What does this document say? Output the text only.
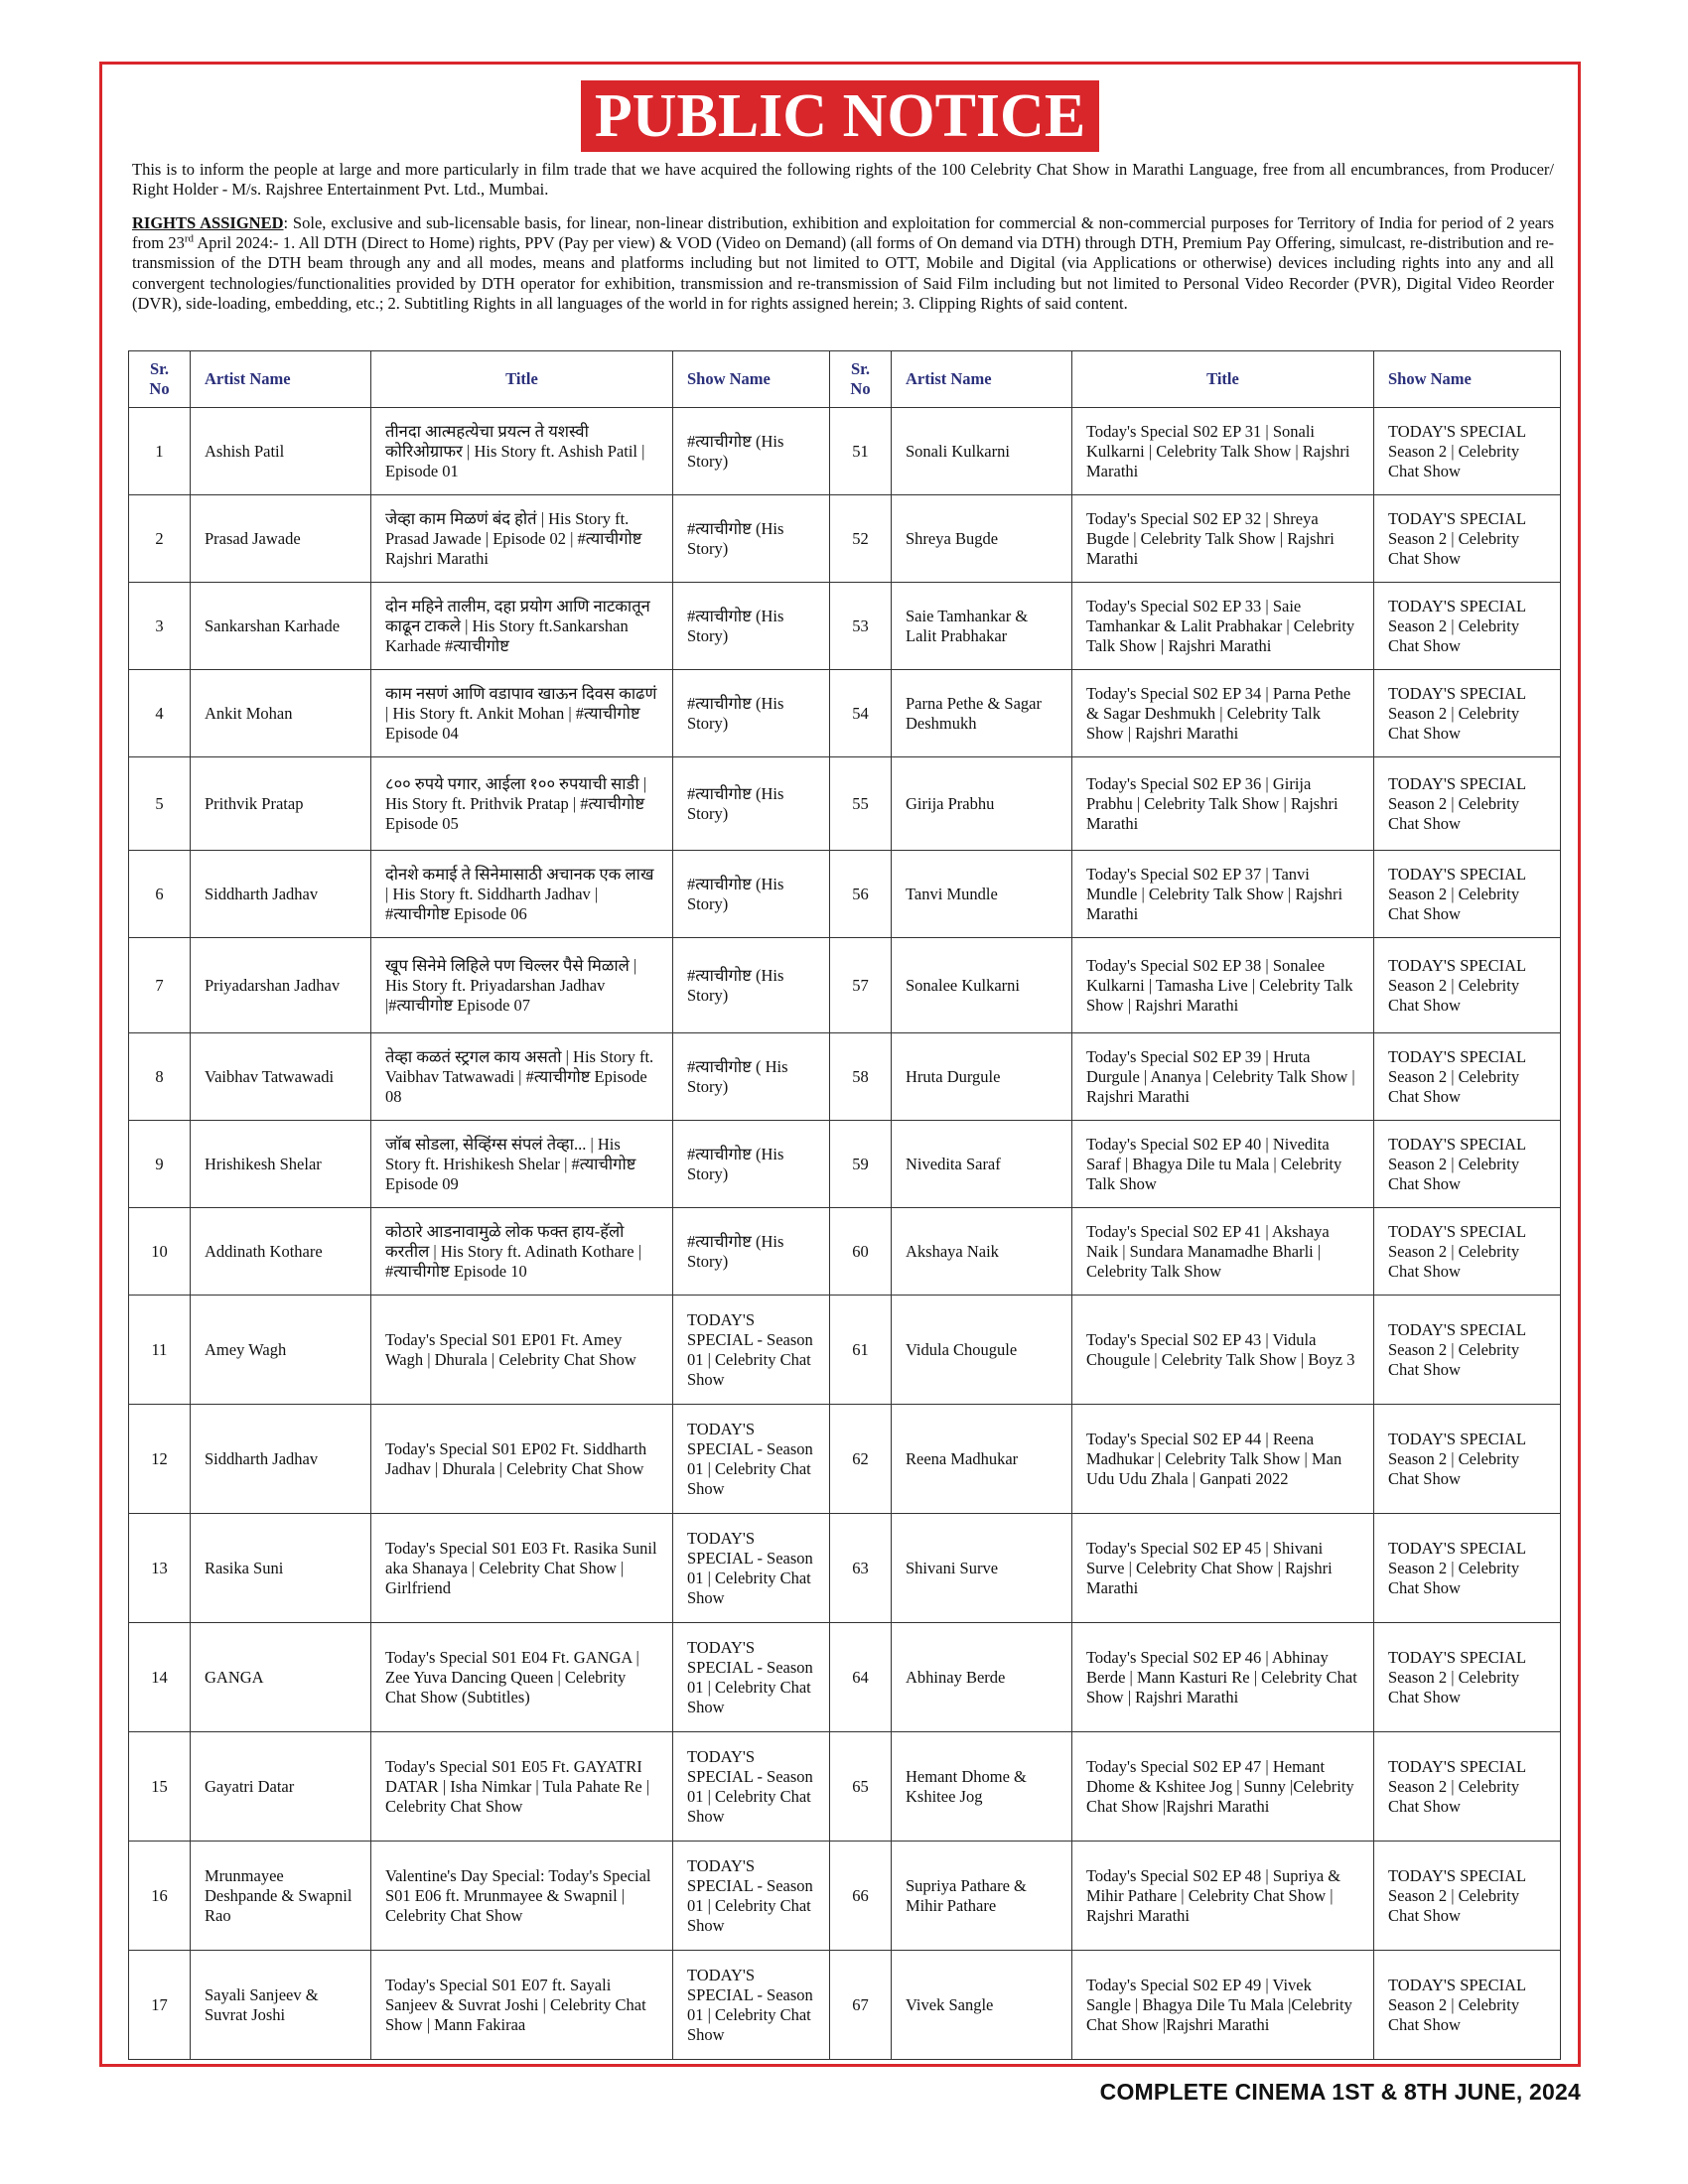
PUBLIC NOTICE
This is to inform the people at large and more particularly in film trade that we have acquired the following rights of the 100 Celebrity Chat Show in Marathi Language, free from all encumbrances, from Producer/ Right Holder - M/s. Rajshree Entertainment Pvt. Ltd., Mumbai.
RIGHTS ASSIGNED: Sole, exclusive and sub-licensable basis, for linear, non-linear distribution, exhibition and exploitation for commercial & non-commercial purposes for Territory of India for period of 2 years from 23rd April 2024:- 1. All DTH (Direct to Home) rights, PPV (Pay per view) & VOD (Video on Demand) (all forms of On demand via DTH) through DTH, Premium Pay Offering, simulcast, re-distribution and re-transmission of the DTH beam through any and all modes, means and platforms including but not limited to OTT, Mobile and Digital (via Applications or otherwise) devices including rights into any and all convergent technologies/functionalities provided by DTH operator for exhibition, transmission and re-transmission of Said Film including but not limited to Personal Video Recorder (PVR), Digital Video Reorder (DVR), side-loading, embedding, etc.; 2. Subtitling Rights in all languages of the world in for rights assigned herein; 3. Clipping Rights of said content.
Sr.
No	Artist Name	Title	Show Name	Sr.
No	Artist Name	Title	Show Name
1	Ashish Patil	तीनदा आत्महत्येचा प्रयत्न ते यशस्वी कोरिओग्राफर | His Story ft. Ashish Patil | Episode 01	#त्याचीगोष्ट (His Story)	51	Sonali Kulkarni	Today's Special S02 EP 31 | Sonali Kulkarni | Celebrity Talk Show | Rajshri Marathi	TODAY'S SPECIAL Season 2 | Celebrity Chat Show
2	Prasad Jawade	जेव्हा काम मिळणं बंद होतं | His Story ft. Prasad Jawade | Episode 02 | #त्याचीगोष्ट Rajshri Marathi	#त्याचीगोष्ट (His Story)	52	Shreya Bugde	Today's Special S02 EP 32 | Shreya Bugde | Celebrity Talk Show | Rajshri Marathi	TODAY'S SPECIAL Season 2 | Celebrity Chat Show
3	Sankarshan Karhade	दोन महिने तालीम, दहा प्रयोग आणि नाटकातून काढून टाकले | His Story ft.Sankarshan Karhade #त्याचीगोष्ट	#त्याचीगोष्ट (His Story)	53	Saie Tamhankar & Lalit Prabhakar	Today's Special S02 EP 33 | Saie Tamhankar & Lalit Prabhakar | Celebrity Talk Show | Rajshri Marathi	TODAY'S SPECIAL Season 2 | Celebrity Chat Show
4	Ankit Mohan	काम नसणं आणि वडापाव खाऊन दिवस काढणं | His Story ft. Ankit Mohan | #त्याचीगोष्ट Episode 04	#त्याचीगोष्ट (His Story)	54	Parna Pethe & Sagar Deshmukh	Today's Special S02 EP 34 | Parna Pethe & Sagar Deshmukh | Celebrity Talk Show | Rajshri Marathi	TODAY'S SPECIAL Season 2 | Celebrity Chat Show
5	Prithvik Pratap	८०० रुपये पगार, आईला १०० रुपयाची साडी | His Story ft. Prithvik Pratap | #त्याचीगोष्ट Episode 05	#त्याचीगोष्ट (His Story)	55	Girija Prabhu	Today's Special S02 EP 36 | Girija Prabhu | Celebrity Talk Show | Rajshri Marathi	TODAY'S SPECIAL Season 2 | Celebrity Chat Show
6	Siddharth Jadhav	दोनशे कमाई ते सिनेमासाठी अचानक एक लाख | His Story ft. Siddharth Jadhav | #त्याचीगोष्ट Episode 06	#त्याचीगोष्ट (His Story)	56	Tanvi Mundle	Today's Special S02 EP 37 | Tanvi Mundle | Celebrity Talk Show | Rajshri Marathi	TODAY'S SPECIAL Season 2 | Celebrity Chat Show
7	Priyadarshan Jadhav	खूप सिनेमे लिहिले पण चिल्लर पैसे मिळाले | His Story ft. Priyadarshan Jadhav |#त्याचीगोष्ट Episode 07	#त्याचीगोष्ट (His Story)	57	Sonalee Kulkarni	Today's Special S02 EP 38 | Sonalee Kulkarni | Tamasha Live | Celebrity Talk Show | Rajshri Marathi	TODAY'S SPECIAL Season 2 | Celebrity Chat Show
8	Vaibhav Tatwawadi	तेव्हा कळतं स्ट्रगल काय असतो | His Story ft. Vaibhav Tatwawadi | #त्याचीगोष्ट Episode 08	#त्याचीगोष्ट ( His Story)	58	Hruta Durgule	Today's Special S02 EP 39 | Hruta Durgule | Ananya | Celebrity Talk Show | Rajshri Marathi	TODAY'S SPECIAL Season 2 | Celebrity Chat Show
9	Hrishikesh Shelar	जॉब सोडला, सेव्हिंग्स संपलं तेव्हा... | His Story ft. Hrishikesh Shelar | #त्याचीगोष्ट Episode 09	#त्याचीगोष्ट (His Story)	59	Nivedita Saraf	Today's Special S02 EP 40 | Nivedita Saraf | Bhagya Dile tu Mala | Celebrity Talk Show	TODAY'S SPECIAL Season 2 | Celebrity Chat Show
10	Addinath Kothare	कोठारे आडनावामुळे लोक फक्त हाय-हॅलो करतील | His Story ft. Adinath Kothare | #त्याचीगोष्ट Episode 10	#त्याचीगोष्ट (His Story)	60	Akshaya Naik	Today's Special S02 EP 41 | Akshaya Naik | Sundara Manamadhe Bharli | Celebrity Talk Show	TODAY'S SPECIAL Season 2 | Celebrity Chat Show
11	Amey Wagh	Today's Special S01 EP01 Ft. Amey Wagh | Dhurala | Celebrity Chat Show	TODAY'S SPECIAL - Season 01 | Celebrity Chat Show	61	Vidula Chougule	Today's Special S02 EP 43 | Vidula Chougule | Celebrity Talk Show | Boyz 3	TODAY'S SPECIAL Season 2 | Celebrity Chat Show
12	Siddharth Jadhav	Today's Special S01 EP02 Ft. Siddharth Jadhav | Dhurala | Celebrity Chat Show	TODAY'S SPECIAL - Season 01 | Celebrity Chat Show	62	Reena Madhukar	Today's Special S02 EP 44 | Reena Madhukar | Celebrity Talk Show | Man Udu Udu Zhala | Ganpati 2022	TODAY'S SPECIAL Season 2 | Celebrity Chat Show
13	Rasika Suni	Today's Special S01 E03 Ft. Rasika Sunil aka Shanaya | Celebrity Chat Show | Girlfriend	TODAY'S SPECIAL - Season 01 | Celebrity Chat Show	63	Shivani Surve	Today's Special S02 EP 45 | Shivani Surve | Celebrity Chat Show | Rajshri Marathi	TODAY'S SPECIAL Season 2 | Celebrity Chat Show
14	GANGA	Today's Special S01 E04 Ft. GANGA | Zee Yuva Dancing Queen | Celebrity Chat Show (Subtitles)	TODAY'S SPECIAL - Season 01 | Celebrity Chat Show	64	Abhinay Berde	Today's Special S02 EP 46 | Abhinay Berde | Mann Kasturi Re | Celebrity Chat Show | Rajshri Marathi	TODAY'S SPECIAL Season 2 | Celebrity Chat Show
15	Gayatri Datar	Today's Special S01 E05 Ft. GAYATRI DATAR | Isha Nimkar | Tula Pahate Re | Celebrity Chat Show	TODAY'S SPECIAL - Season 01 | Celebrity Chat Show	65	Hemant Dhome & Kshitee Jog	Today's Special S02 EP 47 | Hemant Dhome & Kshitee Jog | Sunny |Celebrity Chat Show |Rajshri Marathi	TODAY'S SPECIAL Season 2 | Celebrity Chat Show
16	Mrunmayee Deshpande & Swapnil Rao	Valentine's Day Special: Today's Special S01 E06 ft. Mrunmayee & Swapnil | Celebrity Chat Show	TODAY'S SPECIAL - Season 01 | Celebrity Chat Show	66	Supriya Pathare & Mihir Pathare	Today's Special S02 EP 48 | Supriya & Mihir Pathare | Celebrity Chat Show | Rajshri Marathi	TODAY'S SPECIAL Season 2 | Celebrity Chat Show
17	Sayali Sanjeev & Suvrat Joshi	Today's Special S01 E07 ft. Sayali Sanjeev & Suvrat Joshi | Celebrity Chat Show | Mann Fakiraa	TODAY'S SPECIAL - Season 01 | Celebrity Chat Show	67	Vivek Sangle	Today's Special S02 EP 49 | Vivek Sangle | Bhagya Dile Tu Mala |Celebrity Chat Show |Rajshri Marathi	TODAY'S SPECIAL Season 2 | Celebrity Chat Show
COMPLETE CINEMA 1ST & 8TH JUNE, 2024
